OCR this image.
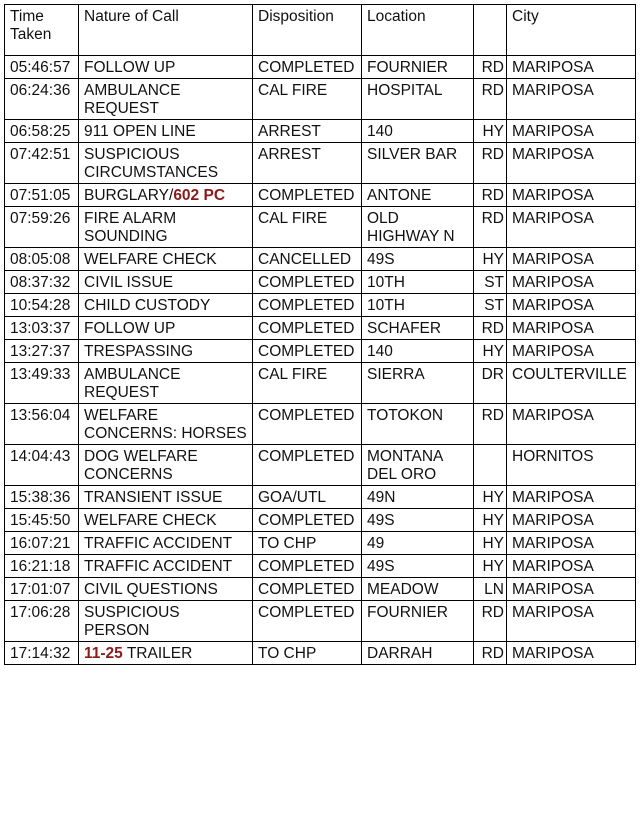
Time Taken	Nature of Call	Disposition	Location		City
05:46:57	FOLLOW UP	COMPLETED	FOURNIER	RD	MARIPOSA
06:24:36	AMBULANCE REQUEST	CAL FIRE	HOSPITAL	RD	MARIPOSA
06:58:25	911 OPEN LINE	ARREST	140	HY	MARIPOSA
07:42:51	SUSPICIOUS CIRCUMSTANCES	ARREST	SILVER BAR	RD	MARIPOSA
07:51:05	BURGLARY/602 PC	COMPLETED	ANTONE	RD	MARIPOSA
07:59:26	FIRE ALARM SOUNDING	CAL FIRE	OLD HIGHWAY N	RD	MARIPOSA
08:05:08	WELFARE CHECK	CANCELLED	49S	HY	MARIPOSA
08:37:32	CIVIL ISSUE	COMPLETED	10TH	ST	MARIPOSA
10:54:28	CHILD CUSTODY	COMPLETED	10TH	ST	MARIPOSA
13:03:37	FOLLOW UP	COMPLETED	SCHAFER	RD	MARIPOSA
13:27:37	TRESPASSING	COMPLETED	140	HY	MARIPOSA
13:49:33	AMBULANCE REQUEST	CAL FIRE	SIERRA	DR	COULTERVILLE
13:56:04	WELFARE CONCERNS: HORSES	COMPLETED	TOTOKON	RD	MARIPOSA
14:04:43	DOG WELFARE CONCERNS	COMPLETED	MONTANA DEL ORO		HORNITOS
15:38:36	TRANSIENT ISSUE	GOA/UTL	49N	HY	MARIPOSA
15:45:50	WELFARE CHECK	COMPLETED	49S	HY	MARIPOSA
16:07:21	TRAFFIC ACCIDENT	TO CHP	49	HY	MARIPOSA
16:21:18	TRAFFIC ACCIDENT	COMPLETED	49S	HY	MARIPOSA
17:01:07	CIVIL QUESTIONS	COMPLETED	MEADOW	LN	MARIPOSA
17:06:28	SUSPICIOUS PERSON	COMPLETED	FOURNIER	RD	MARIPOSA
17:14:32	11-25 TRAILER	TO CHP	DARRAH	RD	MARIPOSA
